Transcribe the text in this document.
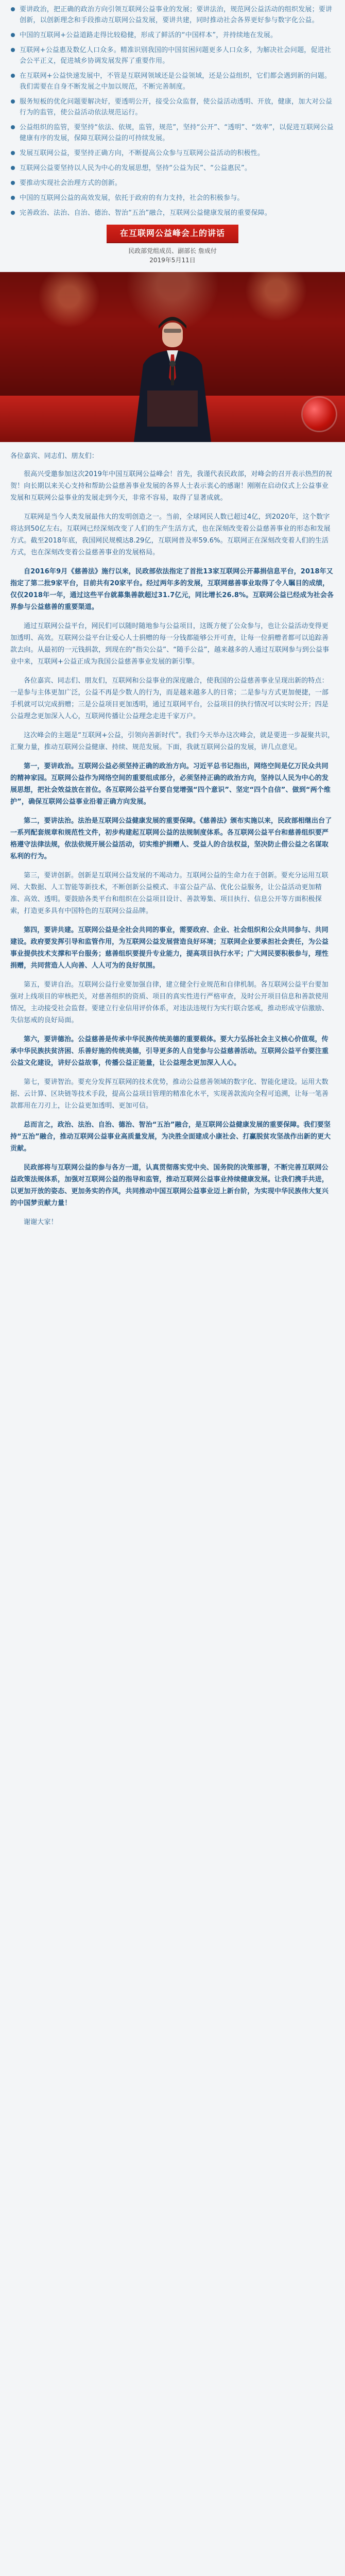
要讲政治，把正确的政治方向引领互联网公益事业的发展；要讲法治，规范网公益活动的组织发展；要讲创新，以创新理念和手段推动互联网公益发展，要讲共建，同时推动社会各界更好参与数字化公益。
中国的互联网+公益道路走得比较稳健，形成了鲜活的“中国样本”，并持续地在发展。
互联网+公益惠及数亿人口众多。精准识别我国的中国贫困问题更多人口众多，为解决社会问题，促进社会公平正义，促进城乡协调发展发挥了重要作用。
在互联网+公益快速发展中，不管是互联网领域还是公益领域，还是公益组织，它们都会遇到新的问题。我们需要在自身不断发展之中加以规范，不断完善制度。
服务短板的优化问题要解决好，要透明公开，接受公众监督，使公益活动透明、开放，健康，加大对公益行为的监管，使公益活动依法规范运行。
公益组织的监管，要坚持“依法、依规，监管，规范”，坚持“公开”、“透明”、“效率”，以促进互联网公益健康有序的发展，保障互联网公益的可持续发展。
发展互联网公益，要坚持正确方向，不断提高公众参与互联网公益活动的积极性。
互联网公益要坚持以人民为中心的发展思想，坚持“公益为民”、“公益惠民”。
要推动实现社会治理方式的创新。
中国的互联网公益的高效发展，依托于政府的有力支持，社会的积极参与。
完善政治、法治、自治、德治、智治“五治”融合，互联网公益健康发展的重要保障。
在互联网公益峰会上的讲话
民政部党组成员、副部长 詹成付
2019年5月11日
各位嘉宾、同志们、朋友们：

很高兴受邀参加这次2019年中国互联网公益峰会！首先，我谨代表民政部，对峰会的召开表示热烈的祝贺！向长期以来关心支持和帮助公益慈善事业发展的各界人士表示衷心的感谢！刚刚在启动仪式上公益事业发展和互联网公益事业的发展走到今天，非常不容易，取得了显著成就。

互联网是当今人类发展最伟大的发明创造之一。当前，全球网民人数已超过4亿，到2020年，这个数字将达到50亿左右。互联网已经深刻改变了人们的生产生活方式，也在深刻改变着公益慈善事业的形态和发展方式。截至2018年底，我国网民规模达8.29亿，互联网普及率59.6%。互联网正在深刻改变着人们的生活方式，也在深刻改变着公益慈善事业的发展格局。

自2016年9月《慈善法》施行以来，民政部依法指定了首批13家互联网公开募捐信息平台，2018年又指定了第二批9家平台，目前共有20家平台。经过两年多的发展，互联网慈善事业取得了令人瞩目的成绩，仅仅2018年一年，通过这些平台就募集善款超过31.7亿元，同比增长26.8%。互联网公益已经成为社会各界参与公益慈善的重要渠道。

通过互联网公益平台，网民们可以随时随地参与公益项目，这既方便了公众参与，也让公益活动变得更加透明、高效。互联网公益平台让爱心人士捐赠的每一分钱都能够公开可查，让每一位捐赠者都可以追踪善款去向。从最初的一元钱捐款，到现在的“指尖公益”、“随手公益”，越来越多的人通过互联网参与到公益事业中来，互联网+公益正成为我国公益慈善事业发展的新引擎。

各位嘉宾、同志们、朋友们，互联网和公益事业的深度融合，使我国的公益慈善事业呈现出新的特点：一是参与主体更加广泛，公益不再是少数人的行为，而是越来越多人的日常；二是参与方式更加便捷，一部手机就可以完成捐赠；三是公益项目更加透明，通过互联网平台，公益项目的执行情况可以实时公开；四是公益理念更加深入人心，互联网传播让公益理念走进千家万户。

这次峰会的主题是“互联网+公益，引领向善新时代”。我们今天举办这次峰会，就是要进一步凝聚共识，汇聚力量，推动互联网公益健康、持续、规范发展。下面，我就互联网公益的发展，讲几点意见。

第一，要讲政治。互联网公益必须坚持正确的政治方向。习近平总书记指出，网络空间是亿万民众共同的精神家园。互联网公益作为网络空间的重要组成部分，必须坚持正确的政治方向，坚持以人民为中心的发展思想，把社会效益放在首位。各互联网公益平台要自觉增强“四个意识”、坚定“四个自信”、做到“两个维护”，确保互联网公益事业沿着正确方向发展。

第二，要讲法治。法治是互联网公益健康发展的重要保障。《慈善法》颁布实施以来，民政部相继出台了一系列配套规章和规范性文件，初步构建起互联网公益的法规制度体系。各互联网公益平台和慈善组织要严格遵守法律法规，依法依规开展公益活动，切实维护捐赠人、受益人的合法权益，坚决防止借公益之名谋取私利的行为。

第三，要讲创新。创新是互联网公益发展的不竭动力。互联网公益的生命力在于创新。要充分运用互联网、大数据、人工智能等新技术，不断创新公益模式、丰富公益产品、优化公益服务，让公益活动更加精准、高效、透明。要鼓励各类平台和组织在公益项目设计、善款筹集、项目执行、信息公开等方面积极探索，打造更多具有中国特色的互联网公益品牌。

第四，要讲共建。互联网公益是全社会共同的事业，需要政府、企业、社会组织和公众共同参与、共同建设。政府要发挥引导和监管作用，为互联网公益发展营造良好环境；互联网企业要承担社会责任，为公益事业提供技术支撑和平台服务；慈善组织要提升专业能力，提高项目执行水平；广大网民要积极参与，理性捐赠，共同营造人人向善、人人可为的良好氛围。

第五，要讲自治。互联网公益行业要加强自律，建立健全行业规范和自律机制。各互联网公益平台要加强对上线项目的审核把关，对慈善组织的资质、项目的真实性进行严格审查，及时公开项目信息和善款使用情况，主动接受社会监督。要建立行业信用评价体系，对违法违规行为实行联合惩戒，推动形成守信激励、失信惩戒的良好局面。

第六，要讲德治。公益慈善是传承中华民族传统美德的重要载体。要大力弘扬社会主义核心价值观，传承中华民族扶贫济困、乐善好施的传统美德，引导更多的人自觉参与公益慈善活动。互联网公益平台要注重公益文化建设，讲好公益故事，传播公益正能量，让公益理念更加深入人心。

第七，要讲智治。要充分发挥互联网的技术优势，推动公益慈善领域的数字化、智能化建设。运用大数据、云计算、区块链等技术手段，提高公益项目管理的精准化水平，实现善款流向全程可追溯，让每一笔善款都用在刀刃上，让公益更加透明、更加可信。

总而言之，政治、法治、自治、德治、智治“五治”融合，是互联网公益健康发展的重要保障。我们要坚持“五治”融合，推动互联网公益事业高质量发展，为决胜全面建成小康社会、打赢脱贫攻坚战作出新的更大贡献。

民政部将与互联网公益的参与各方一道，认真贯彻落实党中央、国务院的决策部署，不断完善互联网公益政策法规体系，加强对互联网公益的指导和监管，推动互联网公益事业持续健康发展。让我们携手共进，以更加开放的姿态、更加务实的作风，共同推动中国互联网公益事业迈上新台阶，为实现中华民族伟大复兴的中国梦贡献力量！

谢谢大家！
